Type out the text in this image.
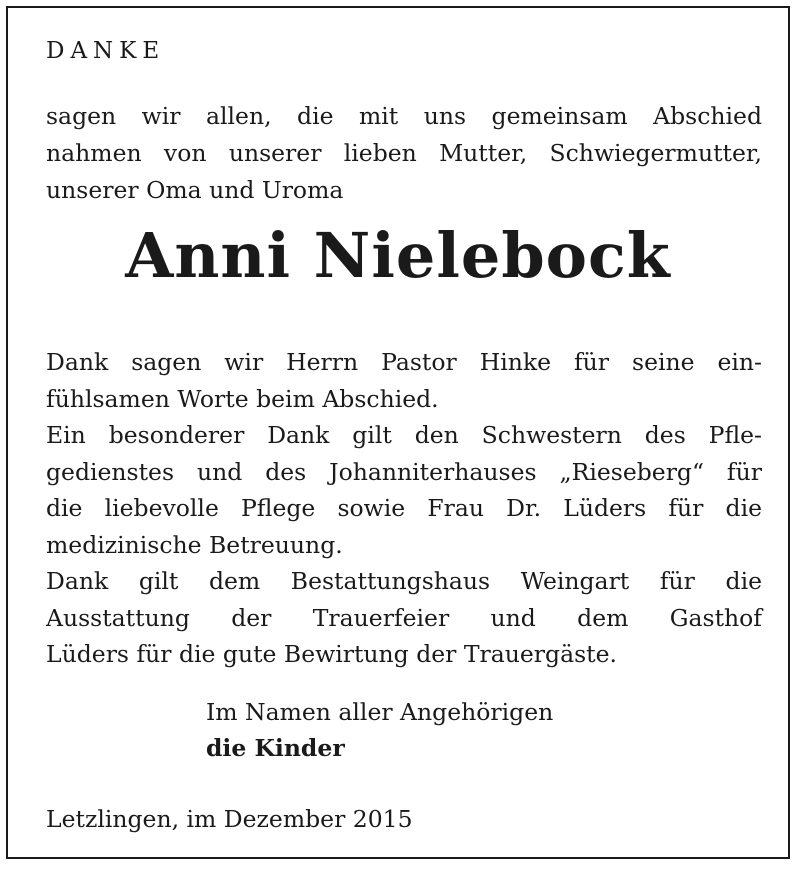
DANKE

sagen wir allen, die mit uns gemeinsam Abschied
nahmen von unserer lieben Mutter, Schwiegermutter,
unserer Oma und Uroma

Anni Nielebock

Dank sagen wir Herrn Pastor Hinke für seine ein-
fühlsamen Worte beim Abschied.
Ein besonderer Dank gilt den Schwestern des Pfle-
gedienstes und des Johanniterhauses „Rieseberg“ für
die liebevolle Pflege sowie Frau Dr. Lüders für die
medizinische Betreuung.
Dank gilt dem Bestattungshaus Weingart für die
Ausstattung der Trauerfeier und dem Gasthof
Lüders für die gute Bewirtung der Trauergäste.

Im Namen aller Angehörigen
die Kinder

Letzlingen, im Dezember 2015
